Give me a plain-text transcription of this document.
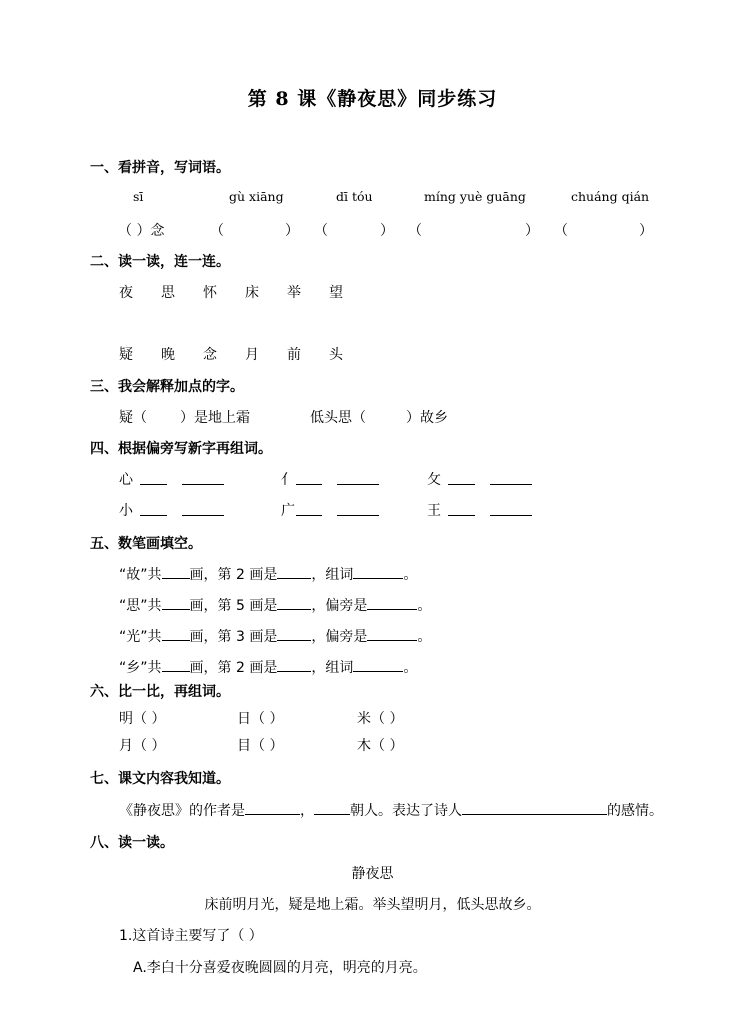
第 8 课《静夜思》同步练习
一、看拼音，写词语。
sī	gù xiāng	dī tóu	míng yuè guāng	chuáng qián
（ ）念	（	） （	） （	） （	）
二、读一读，连一连。
夜 思 怀 床 举 望
疑 晚 念 月 前 头
三、我会解释加点的字。
疑（ ）是地上霜	低头思（	）故乡
四、根据偏旁写新字再组词。
心	亻	攵
小	广	王
五、数笔画填空。
“故”共 画，第 2 画是 ，组词	。
“思”共 画，第 5 画是 ，偏旁是	。
“光”共 画，第 3 画是 ，偏旁是	。
“乡”共 画，第 2 画是 ，组词	。
六、比一比，再组词。
明（ ）	日（ ）	米（ ）
月（ ）	目（ ）	木（ ）
七、课文内容我知道。
《静夜思》的作者是	，	朝人。表达了诗人	的感情。
八、读一读。
静夜思
床前明月光，疑是地上霜。举头望明月，低头思故乡。
1.这首诗主要写了（ ）
A.李白十分喜爱夜晚圆圆的月亮，明亮的月亮。
